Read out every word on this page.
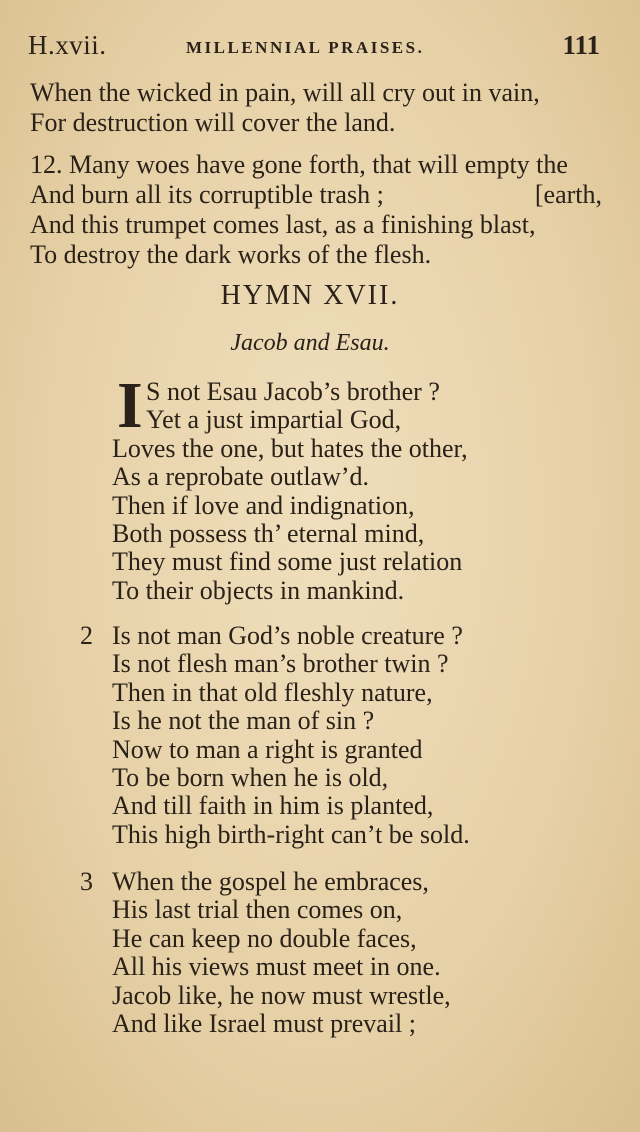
H.xvii.	MILLENNIAL PRAISES.	111
When the wicked in pain, will all cry out in vain,
For destruction will cover the land.
12. Many woes have gone forth, that will empty the
And burn all its corruptible trash ;	[earth,
And this trumpet comes last, as a finishing blast,
To destroy the dark works of the flesh.
HYMN XVII.
Jacob and Esau.
I S not Esau Jacob’s brother ?
Yet a just impartial God,
Loves the one, but hates the other,
As a reprobate outlaw’d.
Then if love and indignation,
Both possess th’ eternal mind,
They must find some just relation
To their objects in mankind.
2 Is not man God’s noble creature ?
Is not flesh man’s brother twin ?
Then in that old fleshly nature,
Is he not the man of sin ?
Now to man a right is granted
To be born when he is old,
And till faith in him is planted,
This high birth-right can’t be sold.
3 When the gospel he embraces,
His last trial then comes on,
He can keep no double faces,
All his views must meet in one.
Jacob like, he now must wrestle,
And like Israel must prevail ;
